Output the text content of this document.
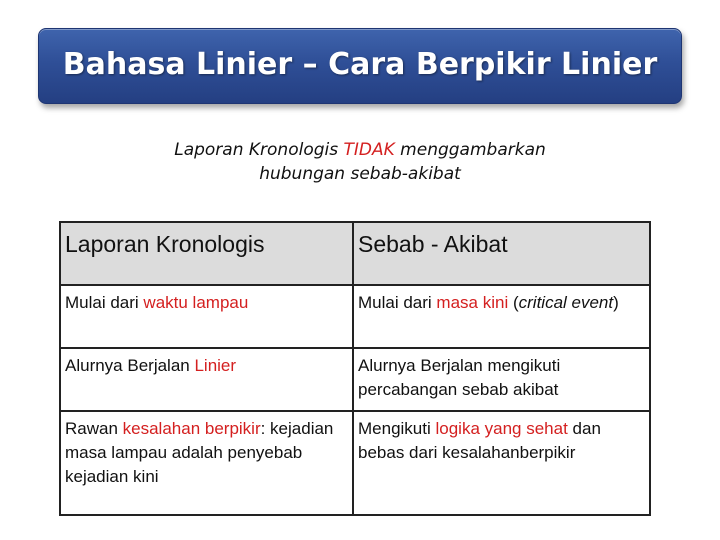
Bahasa Linier – Cara Berpikir Linier
Laporan Kronologis TIDAK menggambarkan
hubungan sebab-akibat
Laporan Kronologis	Sebab - Akibat
Mulai dari waktu lampau	Mulai dari masa kini (critical event)
Alurnya Berjalan Linier	Alurnya Berjalan mengikuti percabangan sebab akibat
Rawan kesalahan berpikir: kejadian masa lampau adalah penyebab kejadian kini	Mengikuti logika yang sehat dan bebas dari kesalahanberpikir
